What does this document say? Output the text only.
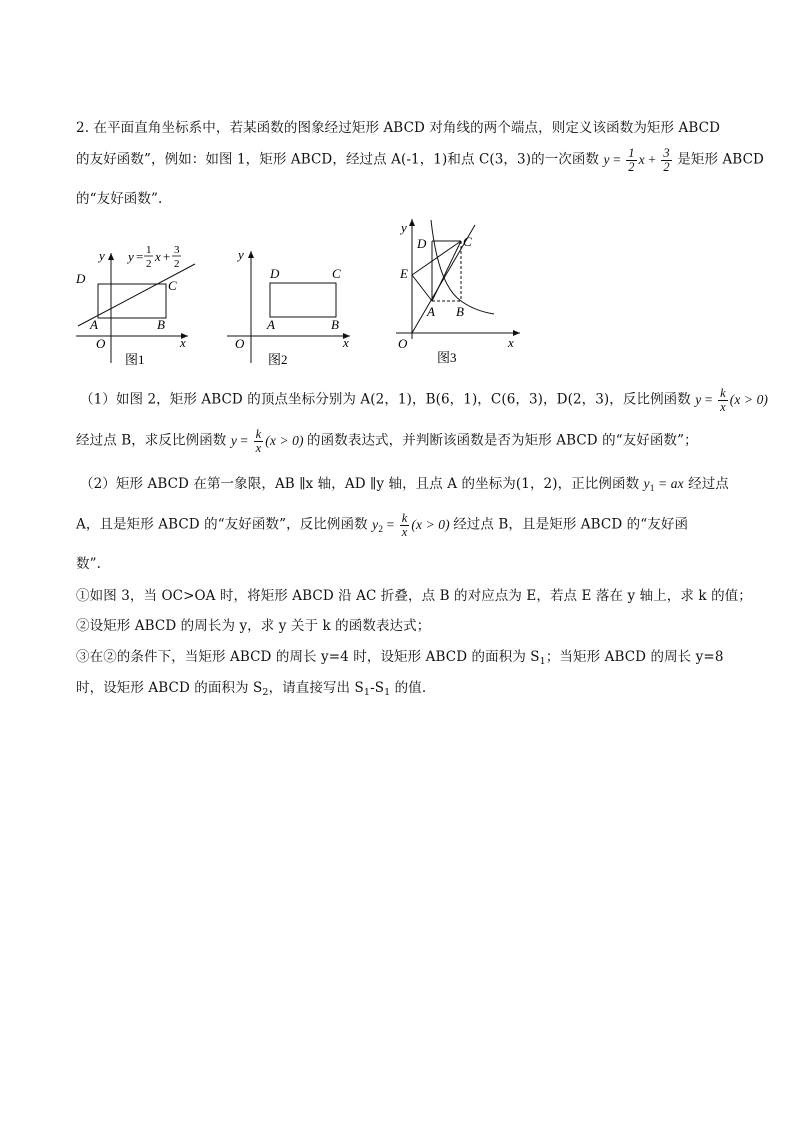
2. 在平面直角坐标系中，若某函数的图象经过矩形 ABCD 对角线的两个端点，则定义该函数为矩形 ABCD
的友好函数”，例如：如图 1，矩形 ABCD，经过点 A(-1，1)和点 C(3，3)的一次函数 $y = \frac{1}{2}$ $x + \frac{3}{2}$ 是矩形 ABCD
的“友好函数”.
D	C
A	B
O	x
y y = 1
2 x + 3
2
图1
D	C
A	B
O	x
y
图2
D	C
E
A B
O	x
y
图3
（1）如图 2，矩形 ABCD 的顶点坐标分别为 A(2，1)，B(6，1)，C(6，3)，D(2，3)，反比例函数 $y = \frac{k}{x} (x > 0)$
经过点 B，求反比例函数 $y = \frac{k}{x} (x > 0)$ 的函数表达式，并判断该函数是否为矩形 ABCD 的“友好函数”；
（2）矩形 ABCD 在第一象限，AB ∥x 轴，AD ∥y 轴，且点 A 的坐标为(1，2)，正比例函数 $y_1$ = ax 经过点
A，且是矩形 ABCD 的“友好函数”，反比例函数 $y_2 = \frac{k}{x} (x > 0)$ 经过点 B，且是矩形 ABCD 的“友好函
数”.
①如图 3，当 OC>OA 时，将矩形 ABCD 沿 AC 折叠，点 B 的对应点为 E，若点 E 落在 y 轴上，求 k 的值；
②设矩形 ABCD 的周长为 y，求 y 关于 k 的函数表达式；
③在②的条件下，当矩形 ABCD 的周长 y=4 时，设矩形 ABCD 的面积为 $S_1$；当矩形 ABCD 的周长 y=8
时，设矩形 ABCD 的面积为 $S_2$，请直接写出 $S_1-S_1$ 的值.
